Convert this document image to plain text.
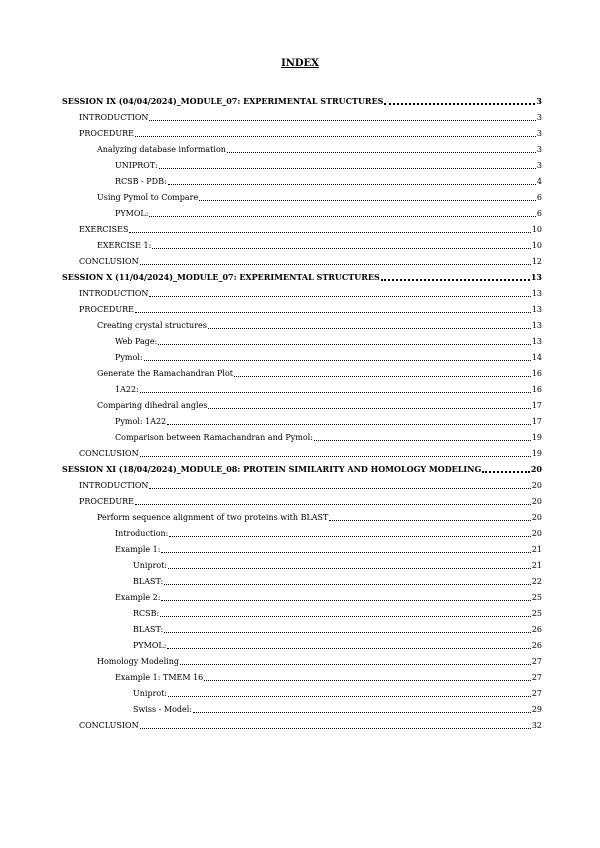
INDEX
SESSION IX (04/04/2024)_MODULE_07: EXPERIMENTAL STRUCTURES	3
INTRODUCTION	3
PROCEDURE	3
Analyzing database information	3
UNIPROT:	3
RCSB - PDB:	4
Using Pymol to Compare	6
PYMOL:	6
EXERCISES	10
EXERCISE 1:	10
CONCLUSION	12
SESSION X (11/04/2024)_MODULE_07: EXPERIMENTAL STRUCTURES	13
INTRODUCTION	13
PROCEDURE	13
Creating crystal structures	13
Web Page:	13
Pymol:	14
Generate the Ramachandran Plot	16
1A22:	16
Comparing dihedral angles	17
Pymol: 1A22	17
Comparison between Ramachandran and Pymol:	19
CONCLUSION	19
SESSION XI (18/04/2024)_MODULE_08: PROTEIN SIMILARITY AND HOMOLOGY MODELING	20
INTRODUCTION	20
PROCEDURE	20
Perform sequence alignment of two proteins with BLAST	20
Introduction:	20
Example 1:	21
Uniprot:	21
BLAST:	22
Example 2:	25
RCSB:	25
BLAST:	26
PYMOL:	26
Homology Modeling	27
Example 1: TMEM 16	27
Uniprot:	27
Swiss - Model:	29
CONCLUSION	32
